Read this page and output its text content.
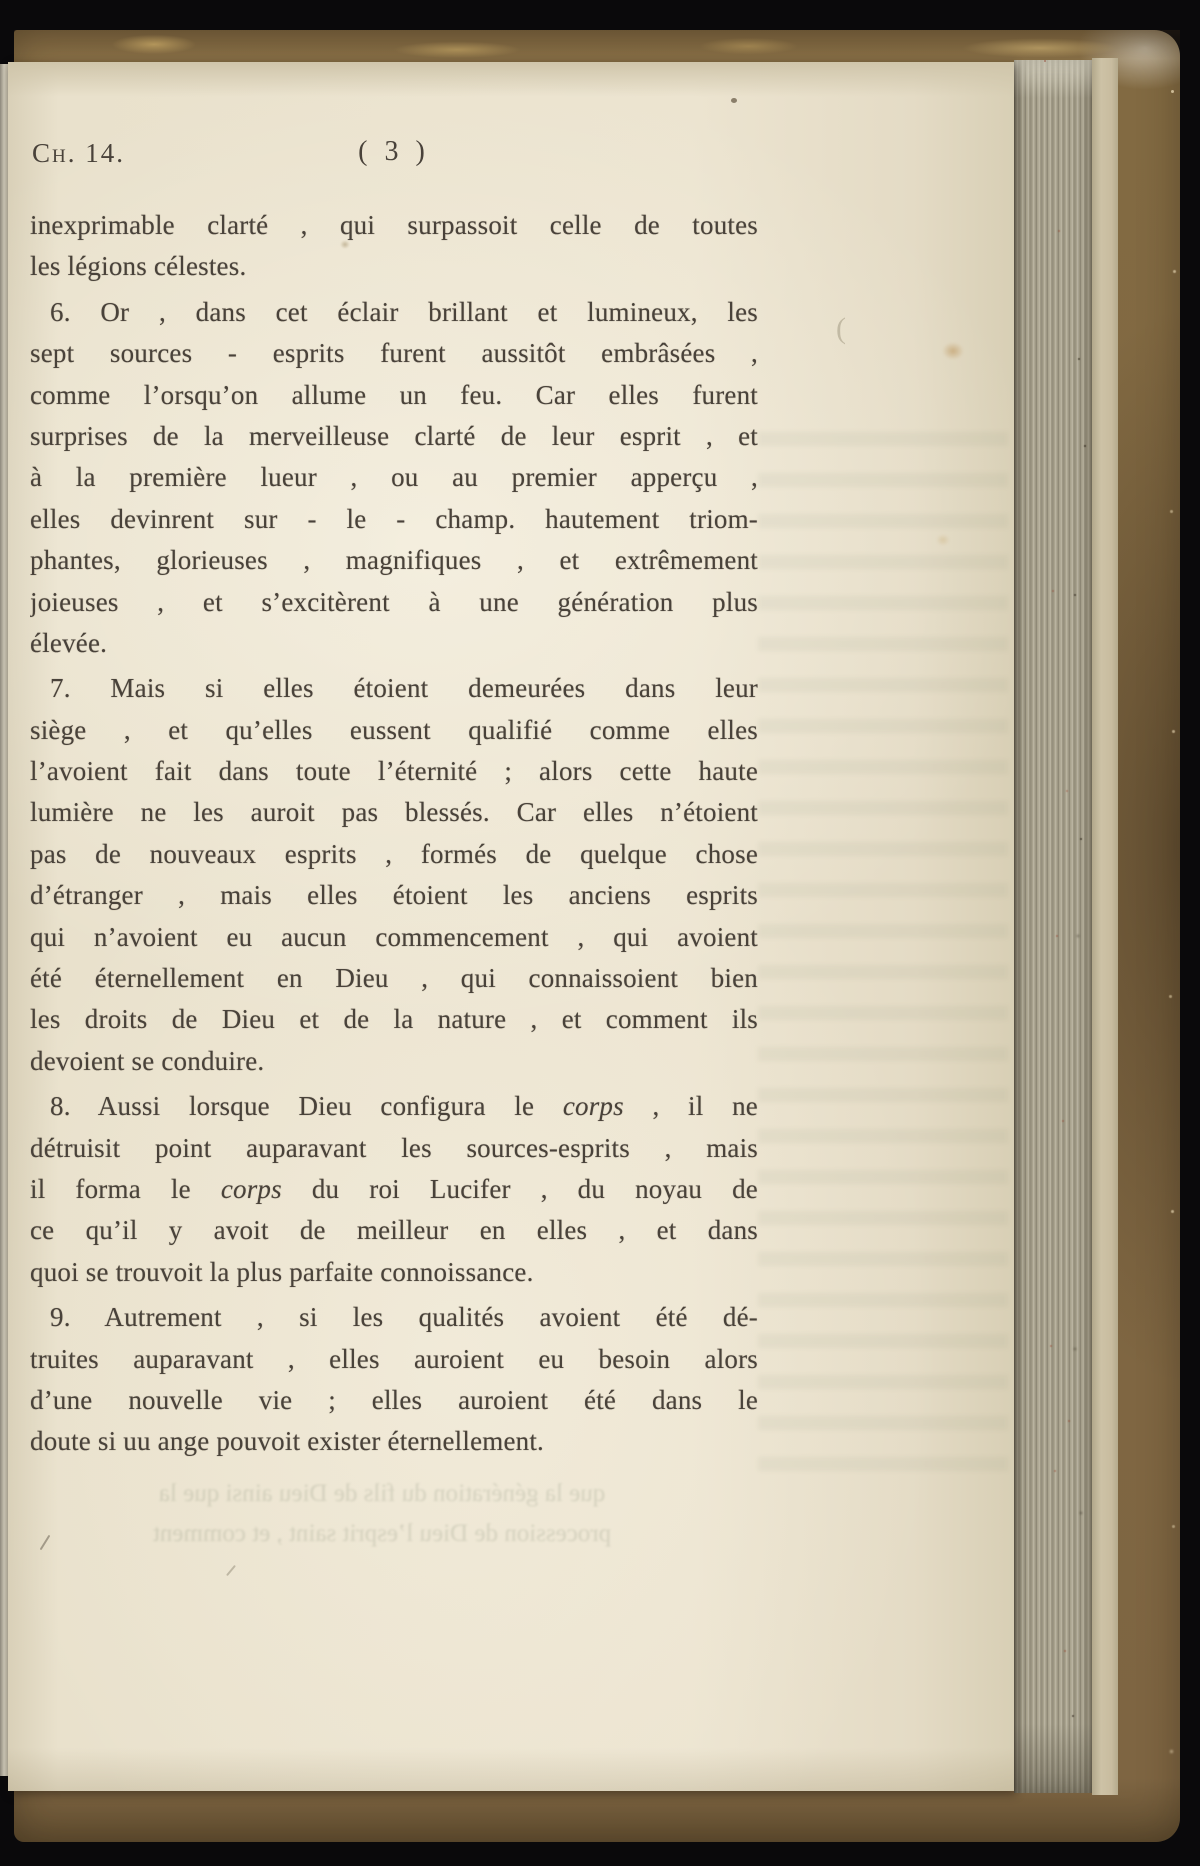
Ch. 14.	( 3 )
inexprimable clarté , qui surpassoit celle de toutes
les légions célestes.
6. Or , dans cet éclair brillant et lumineux, les
sept sources - esprits furent aussitôt embrâsées ,
comme l’orsqu’on allume un feu. Car elles furent
surprises de la merveilleuse clarté de leur esprit , et
à la première lueur , ou au premier apperçu ,
elles devinrent sur - le - champ. hautement triom-
phantes, glorieuses , magnifiques , et extrêmement
joieuses , et s’excitèrent à une génération plus
élevée.
7. Mais si elles étoient demeurées dans leur
siège , et qu’elles eussent qualifié comme elles
l’avoient fait dans toute l’éternité ; alors cette haute
lumière ne les auroit pas blessés. Car elles n’étoient
pas de nouveaux esprits , formés de quelque chose
d’étranger , mais elles étoient les anciens esprits
qui n’avoient eu aucun commencement , qui avoient
été éternellement en Dieu , qui connaissoient bien
les droits de Dieu et de la nature , et comment ils
devoient se conduire.
8. Aussi lorsque Dieu configura le corps , il ne
détruisit point auparavant les sources-esprits , mais
il forma le corps du roi Lucifer , du noyau de
ce qu’il y avoit de meilleur en elles , et dans
quoi se trouvoit la plus parfaite connoissance.
9. Autrement , si les qualités avoient été dé-
truites auparavant , elles auroient eu besoin alors
d’une nouvelle vie ; elles auroient été dans le
doute si uu ange pouvoit exister éternellement.
que la génération du fils de Dieu ainsi que la
procession de Dieu l’esprit saint , et comment
(
